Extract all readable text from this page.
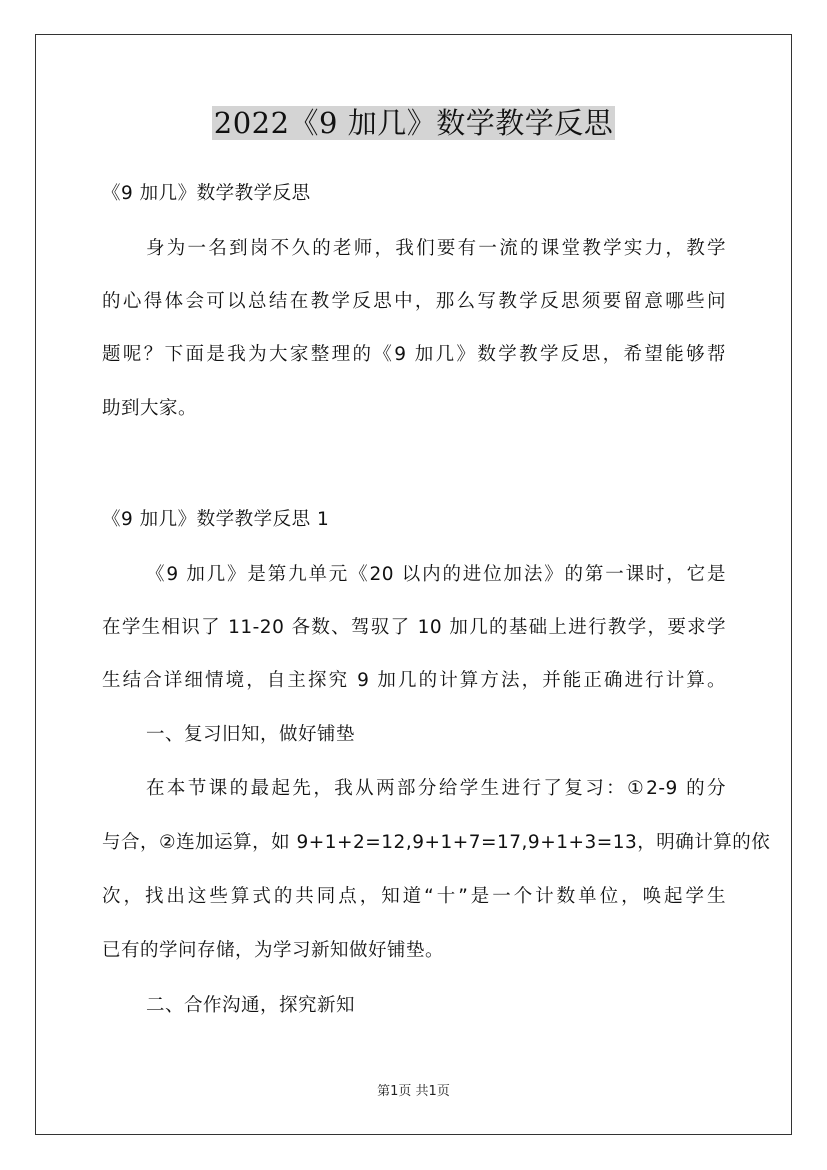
2022《9 加几》数学教学反思
《9 加几》数学教学反思
身为一名到岗不久的老师，我们要有一流的课堂教学实力，教学
的心得体会可以总结在教学反思中，那么写教学反思须要留意哪些问
题呢？下面是我为大家整理的《9 加几》数学教学反思，希望能够帮
助到大家。
《9 加几》数学教学反思 1
《9 加几》是第九单元《20 以内的进位加法》的第一课时，它是
在学生相识了 11-20 各数、驾驭了 10 加几的基础上进行教学，要求学
生结合详细情境，自主探究 9 加几的计算方法，并能正确进行计算。
一、复习旧知，做好铺垫
在本节课的最起先，我从两部分给学生进行了复习：①2-9 的分
与合，②连加运算，如 9+1+2=12,9+1+7=17,9+1+3=13，明确计算的依
次，找出这些算式的共同点，知道“十”是一个计数单位，唤起学生
已有的学问存储，为学习新知做好铺垫。
二、合作沟通，探究新知
第1页 共1页
